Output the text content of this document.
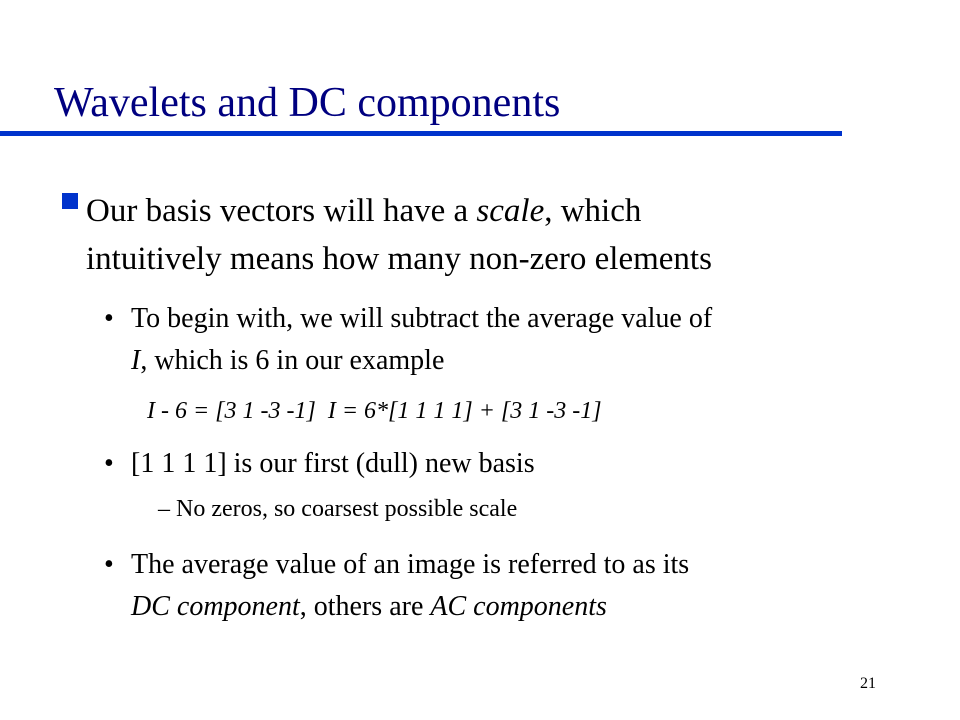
Wavelets and DC components
Our basis vectors will have a scale, which
intuitively means how many non-zero elements
• To begin with, we will subtract the average value of
I, which is 6 in our example
I - 6 = [3 1 -3 -1]  I = 6*[1 1 1 1] + [3 1 -3 -1]
• [1 1 1 1] is our first (dull) new basis
– No zeros, so coarsest possible scale
• The average value of an image is referred to as its
DC component, others are AC components
21
